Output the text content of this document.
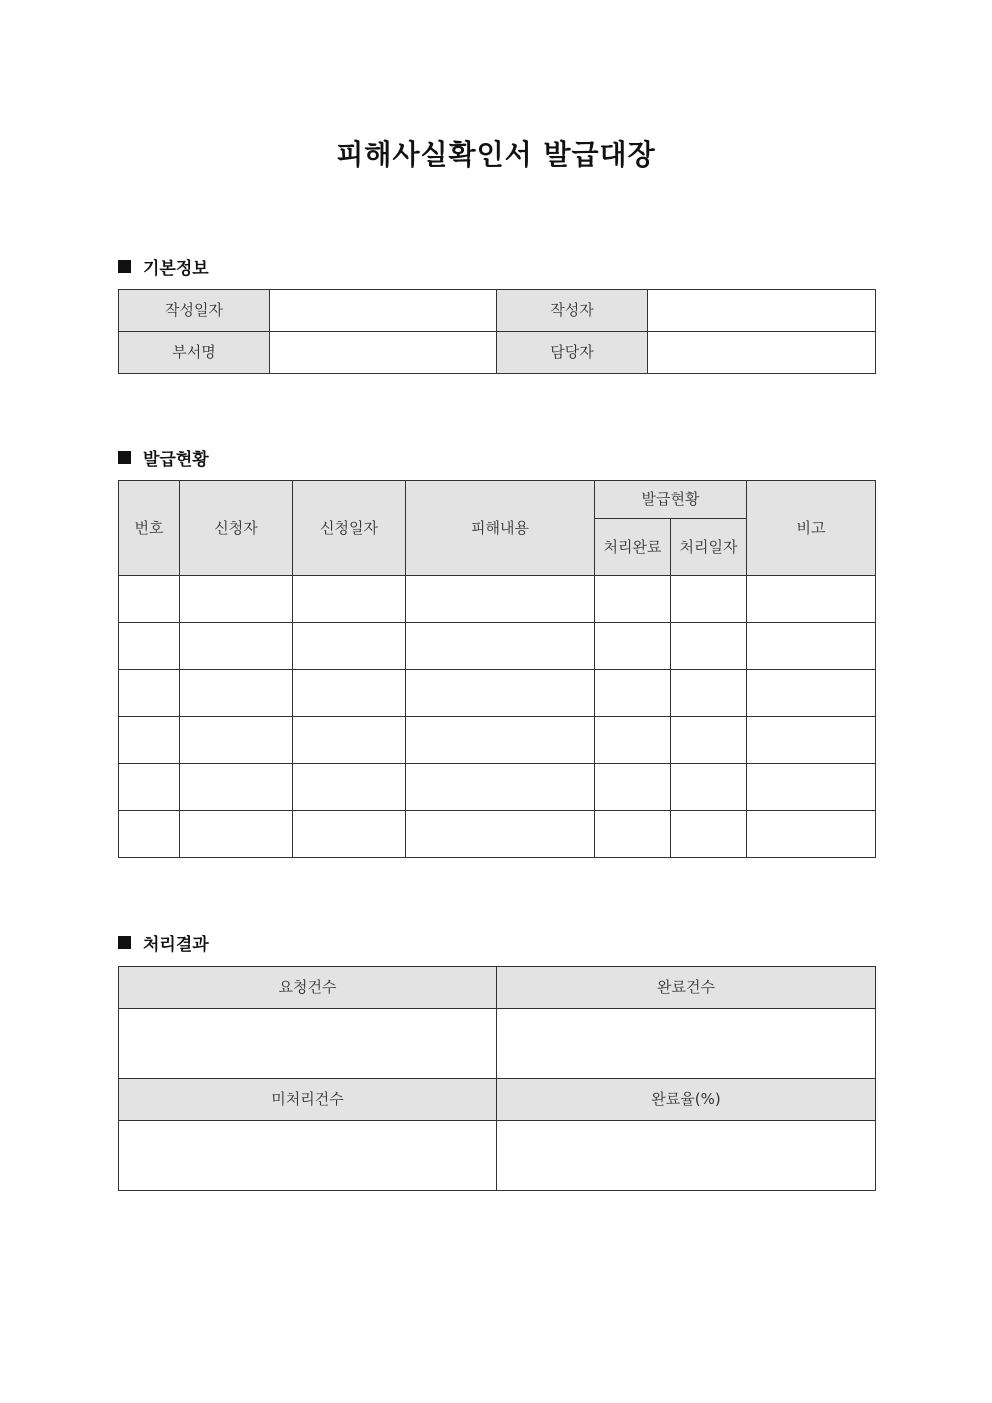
피해사실확인서 발급대장
기본정보
작성일자		작성자	
부서명		담당자	
발급현황
번호	신청자	신청일자	피해내용	발급현황		비고
				처리완료	처리일자	

처리결과
요청건수	완료건수

미처리건수	완료율(%)
